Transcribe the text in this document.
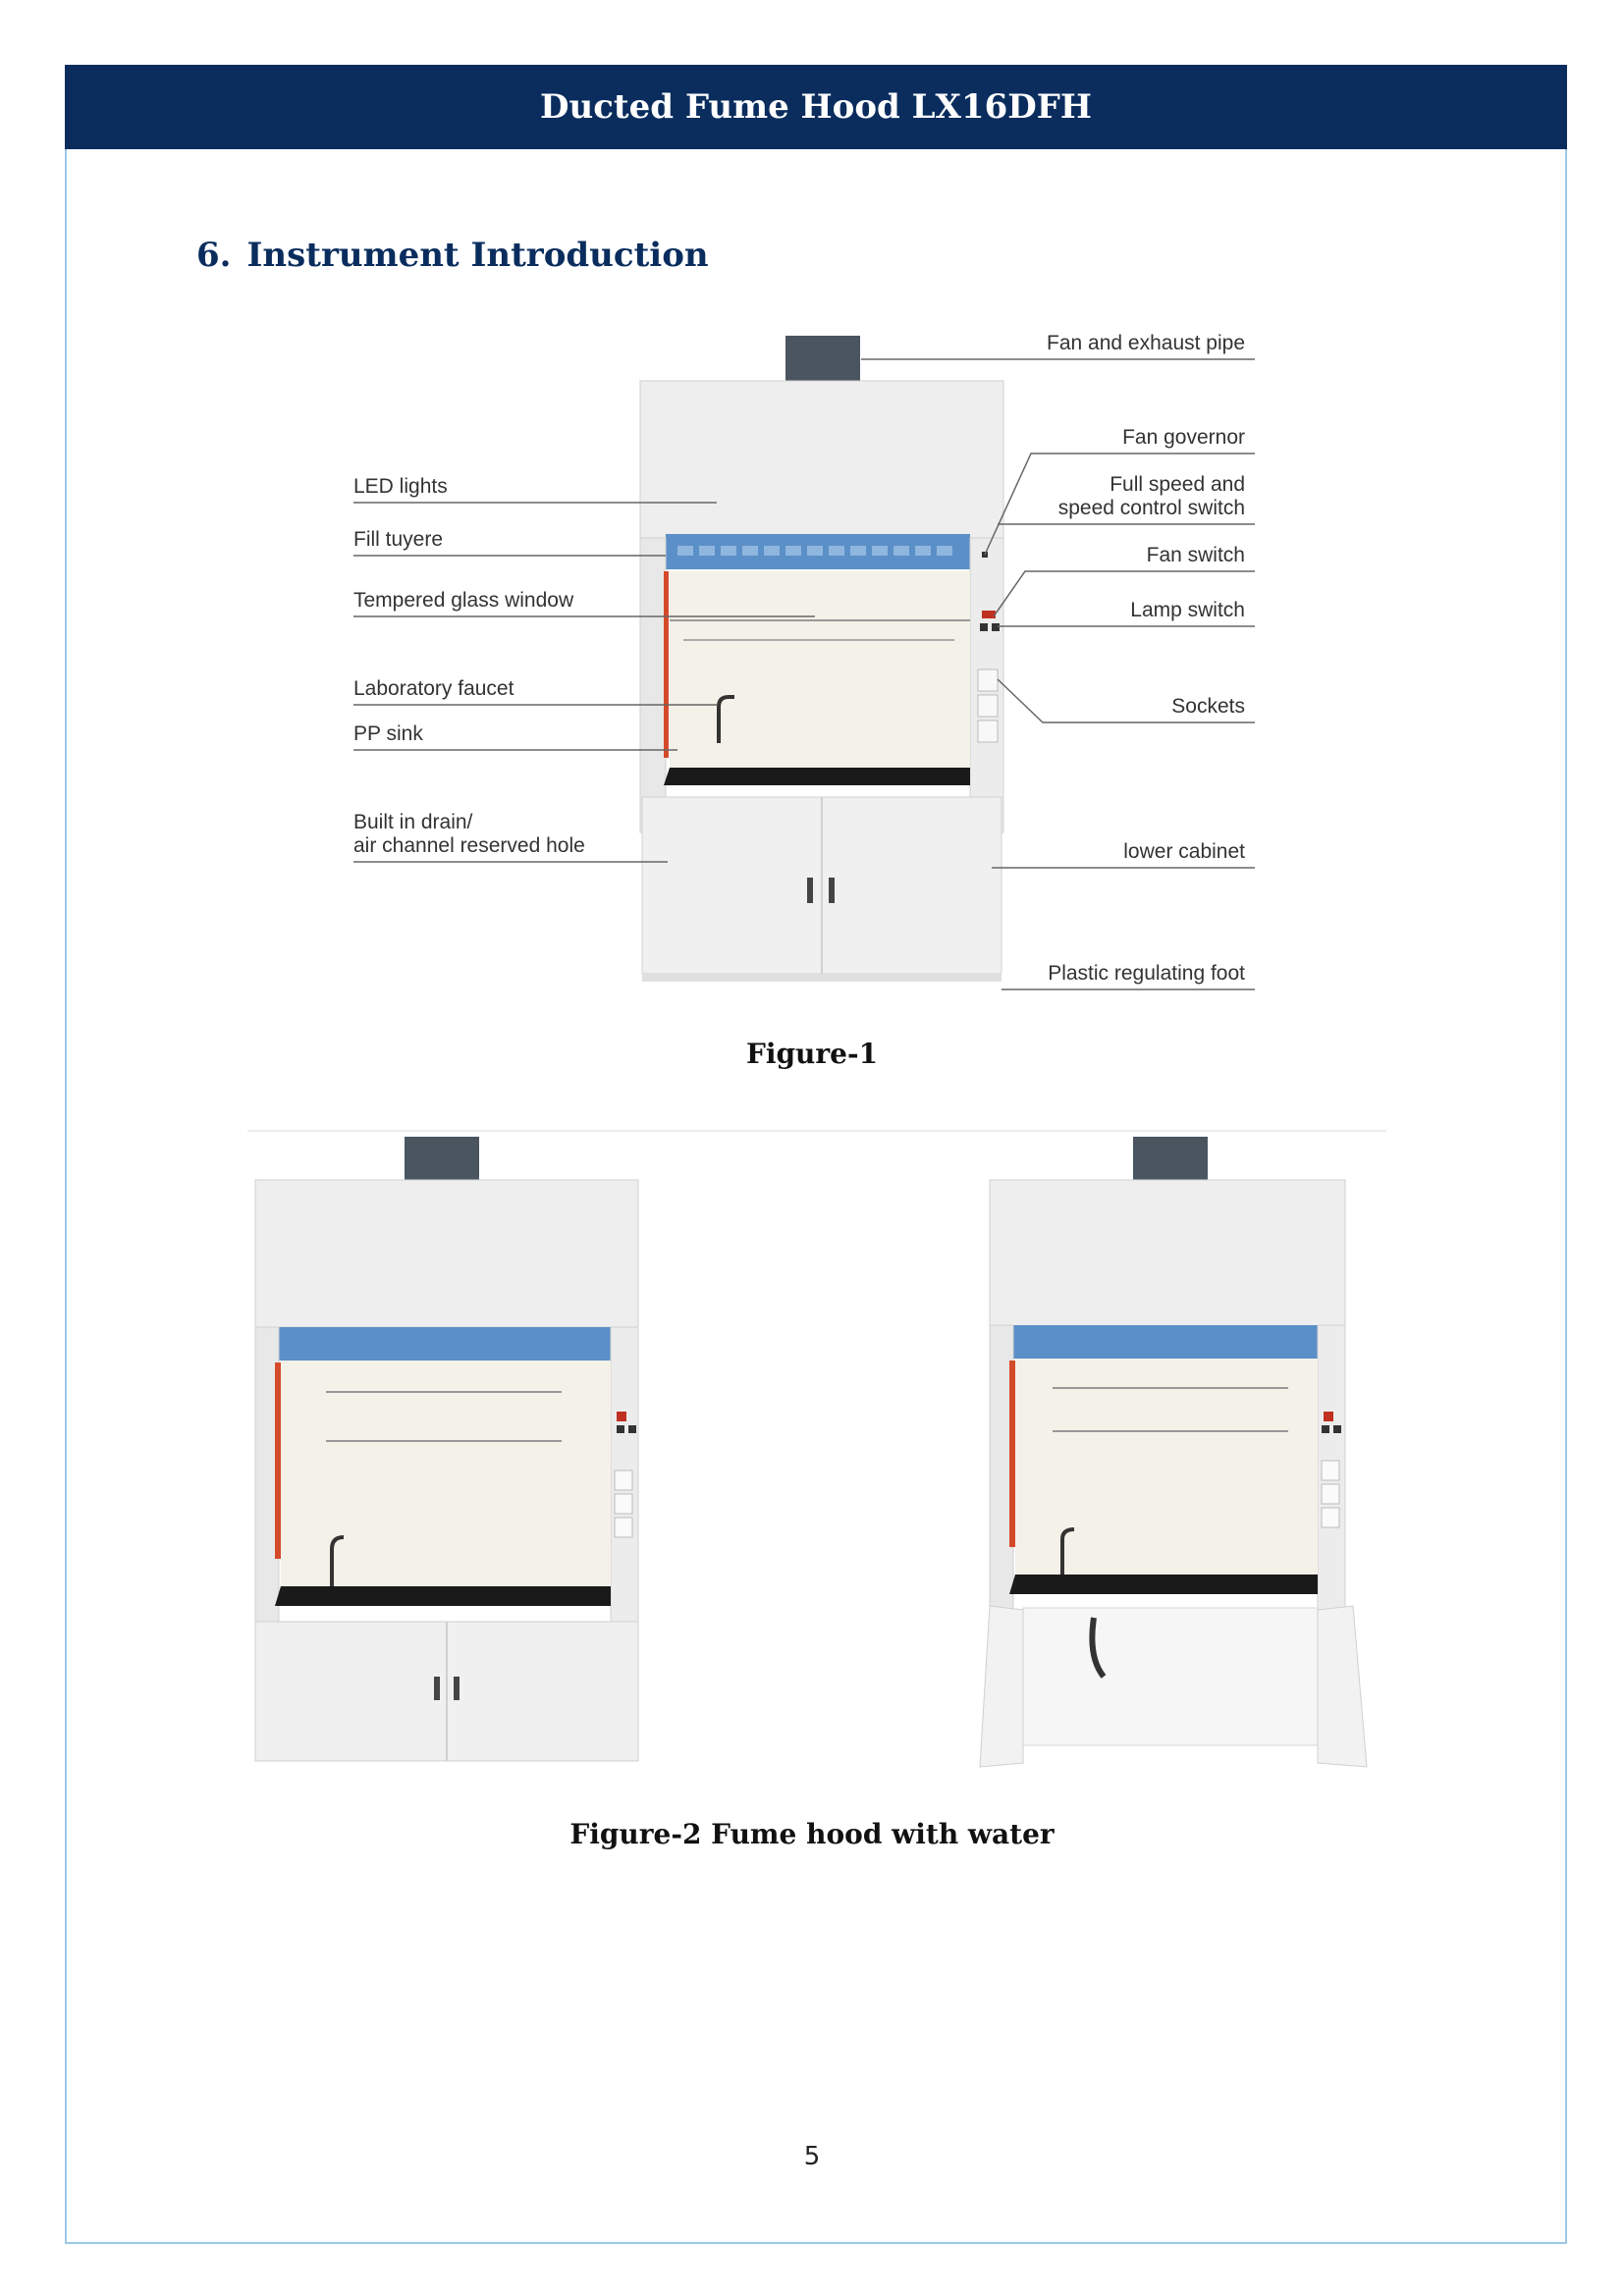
Ducted Fume Hood LX16DFH
6. Instrument Introduction
LED lights
Fill tuyere
Tempered glass window
Laboratory faucet
PP sink
Built in drain/
air channel reserved hole
Fan and exhaust pipe
Fan governor
Full speed and
speed control switch
Fan switch
Lamp switch
Sockets
lower cabinet
Plastic regulating foot
Figure-1
Figure-2 Fume hood with water
5
